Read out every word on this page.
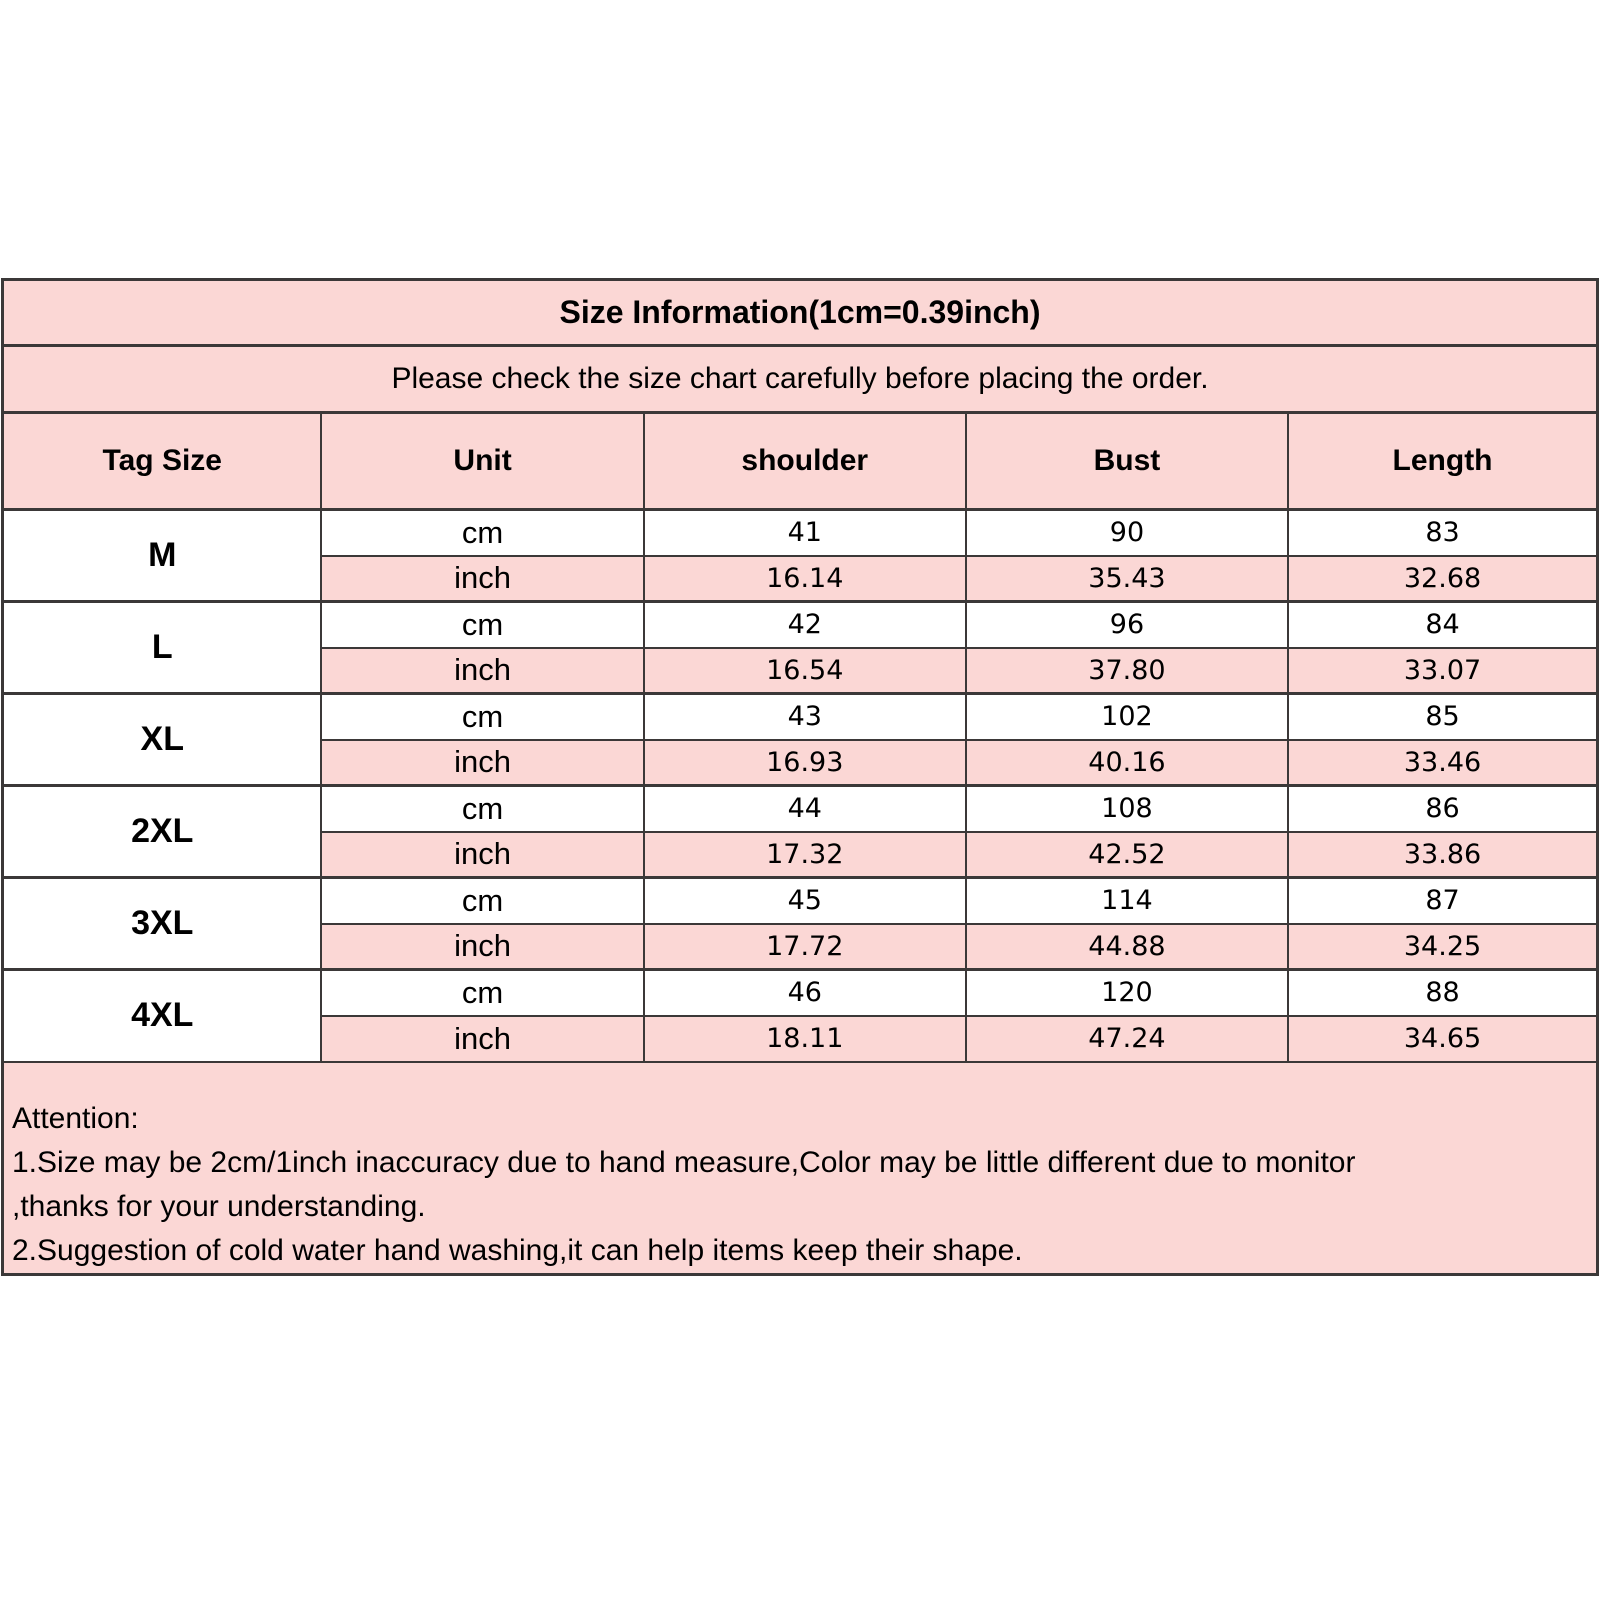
Size Information(1cm=0.39inch)				
Please check the size chart carefully before placing the order.				
Tag Size	Unit	shoulder	Bust	Length
M	cm	41	90	83
	inch	16.14	35.43	32.68
L	cm	42	96	84
	inch	16.54	37.80	33.07
XL	cm	43	102	85
	inch	16.93	40.16	33.46
2XL	cm	44	108	86
	inch	17.32	42.52	33.86
3XL	cm	45	114	87
	inch	17.72	44.88	34.25
4XL	cm	46	120	88
	inch	18.11	47.24	34.65

Attention:
1.Size may be 2cm/1inch inaccuracy due to hand measure,Color may be little different due to monitor
,thanks for your understanding.
2.Suggestion of cold water hand washing,it can help items keep their shape.				
